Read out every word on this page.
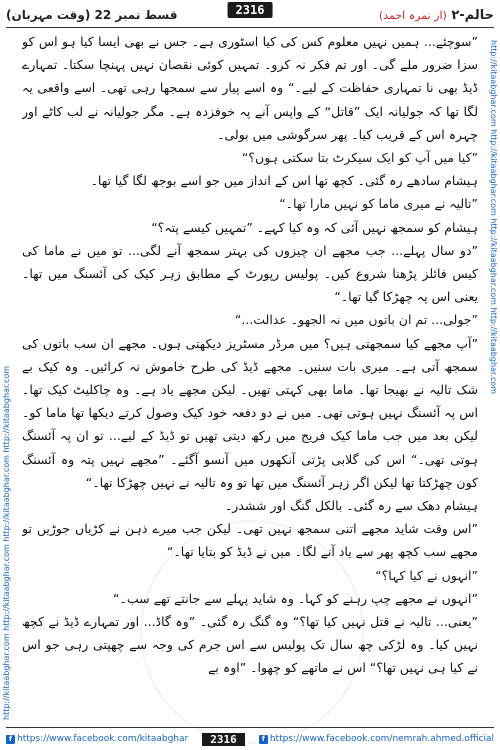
قسط نمبر 22 (وقت مہربان)	حالم-۲ (از نمرہ احمد)
2316
http://kitaabghar.com http://kitaabghar.com http://kitaabghar.com http://kitaabghar.com
http://kitaabghar.com http://kitaabghar.com http://kitaabghar.com http://kitaabghar.com

”سوچئے... ہمیں نہیں معلوم کس کی کیا اسٹوری ہے۔ جس نے بھی ایسا کیا ہو اس کو سزا ضرور ملے گی۔ اور تم فکر نہ کرو۔ تمہیں کوئی نقصان نہیں پہنچا سکتا۔ تمہارے ڈیڈ بھی نا تمہاری حفاظت کے لیے۔“ وہ اسے پیار سے سمجھا رہی تھی۔ اسے واقعی یہ لگا تھا کہ جولیانہ ایک ”قاتل“ کے واپس آنے پہ خوفزدہ ہے۔ مگر جولیانہ نے لب کاٹے اور چہرہ اس کے قریب کیا۔ پھر سرگوشی میں بولی۔

”کیا میں آپ کو ایک سیکرٹ بتا سکتی ہوں؟“

ہیشام سادھے رہ گئی۔ کچھ تھا اس کے انداز میں جو اسے بوجھ لگا گیا تھا۔

”تالیہ نے میری ماما کو نہیں مارا تھا۔“

ہیشام کو سمجھ نہیں آئی کہ وہ کیا کہے۔ ”تمہیں کیسے پتہ؟“

”دو سال پہلے... جب مجھے ان چیزوں کی بہتر سمجھ آنے لگی... تو میں نے ماما کی کیس فائلز پڑھنا شروع کیں۔ پولیس رپورٹ کے مطابق زہر کیک کی آئسنگ میں تھا۔ یعنی اس پہ چھڑکا گیا تھا۔“

”جولی... تم ان باتوں میں نہ الجھو۔ عدالت...“

”آپ مجھے کیا سمجھتی ہیں؟ میں مرڈر مسٹریز دیکھتی ہوں۔ مجھے ان سب باتوں کی سمجھ آتی ہے۔ میری بات سنیں۔ مجھے ڈیڈ کی طرح خاموش نہ کرائیں۔ وہ کیک بے شک تالیہ نے بھیجا تھا۔ ماما بھی کہتی تھیں۔ لیکن مجھے یاد ہے۔ وہ چاکلیٹ کیک تھا۔ اس پہ آئسنگ نہیں ہوتی تھی۔ میں نے دو دفعہ خود کیک وصول کرتے دیکھا تھا ماما کو۔ لیکن بعد میں جب ماما کیک فریج میں رکھ دیتی تھیں تو ڈیڈ کے لیے... تو ان پہ آئسنگ ہوتی تھی۔“ اس کی گلابی پڑتی آنکھوں میں آنسو آگئے۔ ”مجھے نہیں پتہ وہ آئسنگ کون چھڑکتا تھا لیکن اگر زہر آئسنگ میں تھا تو وہ تالیہ نے نہیں چھڑکا تھا۔“

ہیشام دھک سے رہ گئی۔ بالکل گنگ اور ششدر۔

”اس وقت شاید مجھے اتنی سمجھ نہیں تھی۔ لیکن جب میرے ذہن نے کڑیاں جوڑیں تو مجھے سب کچھ پھر سے یاد آنے لگا۔ میں نے ڈیڈ کو بتایا تھا۔“

”انہوں نے کیا کہا؟“

”انہوں نے مجھے چپ رہنے کو کہا۔ وہ شاید پہلے سے جانتے تھے سب۔“

”یعنی... تالیہ نے قتل نہیں کیا تھا؟“ وہ گنگ رہ گئی۔ ”وہ گاڈ... اور تمہارے ڈیڈ نے کچھ نہیں کیا۔ وہ لڑکی چھ سال تک پولیس سے اس جرم کی وجہ سے چھپتی رہی جو اس نے کیا ہی نہیں تھا؟“ اس نے ماتھے کو چھوا۔ ”اوہ بے

f https://www.facebook.com/kitaabghar	2316	f https://www.facebook.com/nemrah.ahmed.official
